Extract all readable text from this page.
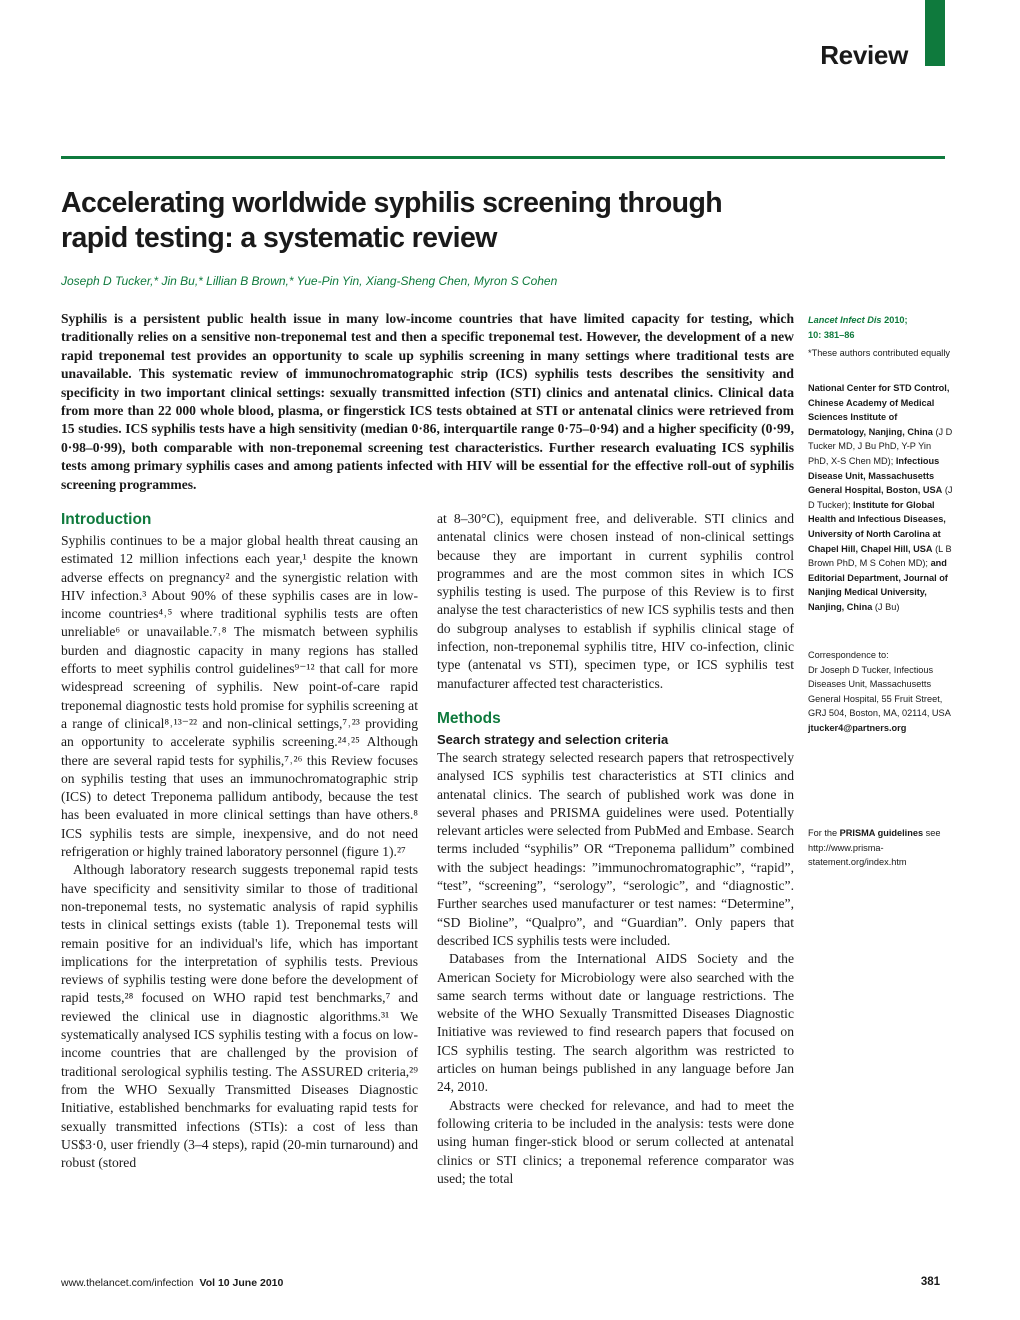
Review
Accelerating worldwide syphilis screening through rapid testing: a systematic review
Joseph D Tucker,* Jin Bu,* Lillian B Brown,* Yue-Pin Yin, Xiang-Sheng Chen, Myron S Cohen

Syphilis is a persistent public health issue in many low-income countries that have limited capacity for testing, which traditionally relies on a sensitive non-treponemal test and then a specific treponemal test. However, the development of a new rapid treponemal test provides an opportunity to scale up syphilis screening in many settings where traditional tests are unavailable. This systematic review of immunochromatographic strip (ICS) syphilis tests describes the sensitivity and specificity in two important clinical settings: sexually transmitted infection (STI) clinics and antenatal clinics. Clinical data from more than 22 000 whole blood, plasma, or fingerstick ICS tests obtained at STI or antenatal clinics were retrieved from 15 studies. ICS syphilis tests have a high sensitivity (median 0·86, interquartile range 0·75–0·94) and a higher specificity (0·99, 0·98–0·99), both comparable with non-treponemal screening test characteristics. Further research evaluating ICS syphilis tests among primary syphilis cases and among patients infected with HIV will be essential for the effective roll-out of syphilis screening programmes.

Introduction

Syphilis continues to be a major global health threat causing an estimated 12 million infections each year,¹ despite the known adverse effects on pregnancy² and the synergistic relation with HIV infection.³ About 90% of these syphilis cases are in low-income countries⁴˒⁵ where traditional syphilis tests are often unreliable⁶ or unavailable.⁷˒⁸ The mismatch between syphilis burden and diagnostic capacity in many regions has stalled efforts to meet syphilis control guidelines⁹⁻¹² that call for more widespread screening of syphilis. New point-of-care rapid treponemal diagnostic tests hold promise for syphilis screening at a range of clinical⁸˒¹³⁻²² and non-clinical settings,⁷˒²³ providing an opportunity to accelerate syphilis screening.²⁴˒²⁵ Although there are several rapid tests for syphilis,⁷˒²⁶ this Review focuses on syphilis testing that uses an immunochromatographic strip (ICS) to detect Treponema pallidum antibody, because the test has been evaluated in more clinical settings than have others.⁸ ICS syphilis tests are simple, inexpensive, and do not need refrigeration or highly trained laboratory personnel (figure 1).²⁷

Although laboratory research suggests treponemal rapid tests have specificity and sensitivity similar to those of traditional non-treponemal tests, no systematic analysis of rapid syphilis tests in clinical settings exists (table 1). Treponemal tests will remain positive for an individual's life, which has important implications for the interpretation of syphilis tests. Previous reviews of syphilis testing were done before the development of rapid tests,²⁸ focused on WHO rapid test benchmarks,⁷ and reviewed the clinical use in diagnostic algorithms.³¹ We systematically analysed ICS syphilis testing with a focus on low-income countries that are challenged by the provision of traditional serological syphilis testing. The ASSURED criteria,²⁹ from the WHO Sexually Transmitted Diseases Diagnostic Initiative, established benchmarks for evaluating rapid tests for sexually transmitted infections (STIs): a cost of less than US$3·0, user friendly (3–4 steps), rapid (20-min turnaround) and robust (stored

at 8–30°C), equipment free, and deliverable. STI clinics and antenatal clinics were chosen instead of non-clinical settings because they are important in current syphilis control programmes and are the most common sites in which ICS syphilis testing is used. The purpose of this Review is to first analyse the test characteristics of new ICS syphilis tests and then do subgroup analyses to establish if syphilis clinical stage of infection, non-treponemal syphilis titre, HIV co-infection, clinic type (antenatal vs STI), specimen type, or ICS syphilis test manufacturer affected test characteristics.

Methods
Search strategy and selection criteria

The search strategy selected research papers that retrospectively analysed ICS syphilis test characteristics at STI clinics and antenatal clinics. The search of published work was done in several phases and PRISMA guidelines were used. Potentially relevant articles were selected from PubMed and Embase. Search terms included “syphilis” OR “Treponema pallidum” combined with the subject headings: ”immunochromatographic”, “rapid”, “test”, “screening”, “serology”, “serologic”, and “diagnostic”. Further searches used manufacturer or test names: “Determine”, “SD Bioline”, “Qualpro”, and “Guardian”. Only papers that described ICS syphilis tests were included.

Databases from the International AIDS Society and the American Society for Microbiology were also searched with the same search terms without date or language restrictions. The website of the WHO Sexually Transmitted Diseases Diagnostic Initiative was reviewed to find research papers that focused on ICS syphilis testing. The search algorithm was restricted to articles on human beings published in any language before Jan 24, 2010.

Abstracts were checked for relevance, and had to meet the following criteria to be included in the analysis: tests were done using human finger-stick blood or serum collected at antenatal clinics or STI clinics; a treponemal reference comparator was used; the total

Lancet Infect Dis 2010;
10: 381–86
*These authors contributed equally
National Center for STD Control, Chinese Academy of Medical Sciences Institute of Dermatology, Nanjing, China (J D Tucker MD, J Bu PhD, Y-P Yin PhD, X-S Chen MD); Infectious Disease Unit, Massachusetts General Hospital, Boston, USA (J D Tucker); Institute for Global Health and Infectious Diseases, University of North Carolina at Chapel Hill, Chapel Hill, USA (L B Brown PhD, M S Cohen MD); and Editorial Department, Journal of Nanjing Medical University, Nanjing, China (J Bu)
Correspondence to:
Dr Joseph D Tucker, Infectious Diseases Unit, Massachusetts General Hospital, 55 Fruit Street, GRJ 504, Boston, MA, 02114, USA
jtucker4@partners.org
For the PRISMA guidelines see http://www.prisma-statement.org/index.htm
www.thelancet.com/infection Vol 10 June 2010	381
